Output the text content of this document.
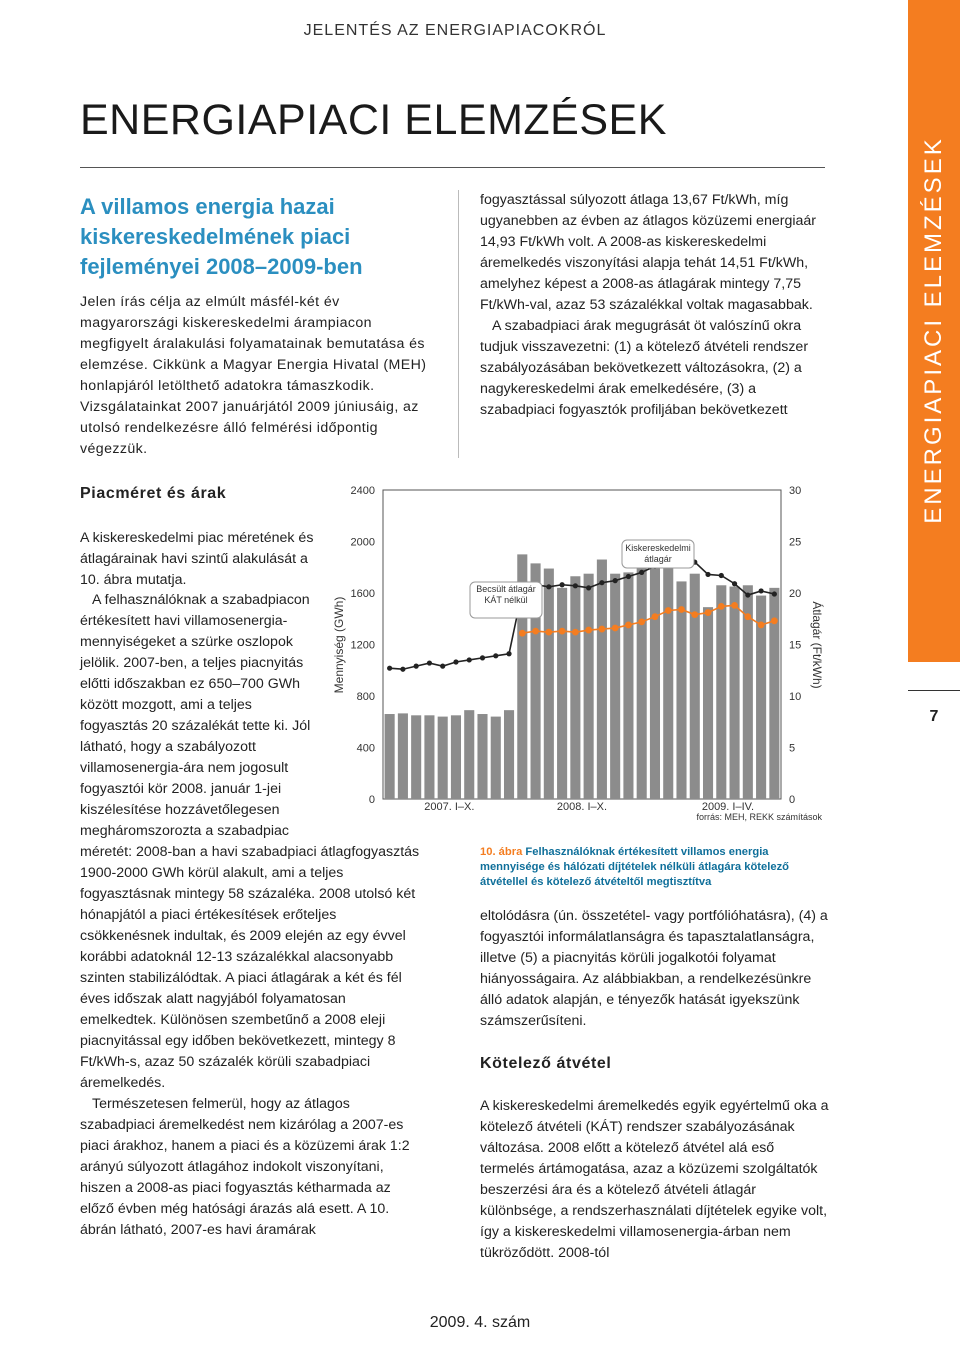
JELENTÉS AZ ENERGIAPIACOKRÓL
ENERGIAPIACI ELEMZÉSEK
ENERGIAPIACI ELEMZÉSEK
7
A villamos energia hazai kiskereskedelmének piaci fejleményei 2008–2009-ben
Jelen írás célja az elmúlt másfél-két év magyarországi kiskereskedelmi árampiacon megfigyelt áralakulási folyamatainak bemutatása és elemzése. Cikkünk a Magyar Energia Hivatal (MEH) honlapjáról letölthető adatokra támaszkodik. Vizsgálatainkat 2007 januárjától 2009 júniusáig, az utolsó rendelkezésre álló felmérési időpontig végezzük.
Piacméret és árak
A kiskereskedelmi piac méretének és átlagárainak havi szintű alakulását a 10. ábra mutatja.

A felhasználóknak a szabadpiacon értékesített havi villamosenergia-mennyiségeket a szürke oszlopok jelölik. 2007-ben, a teljes piacnyitás előtti időszakban ez 650–700 GWh között mozgott, ami a teljes fogyasztás 20 százalékát tette ki. Jól látható, hogy a szabályozott villamosenergia-ára nem jogosult fogyasztói kör 2008. január 1-jei kiszélesítése hozzávetőlegesen megháromszorozta a szabadpiac méretét: 2008-ban a havi szabadpiaci átlagfogyasztás 1900-2000 GWh körül alakult, ami a teljes fogyasztásnak mintegy 58 százaléka. 2008 utolsó két hónapjától a piaci értékesítések erőteljes csökkenésnek indultak, és 2009 elején az egy évvel korábbi adatoknál 12-13 százalékkal alacsonyabb szinten stabilizálódtak. A piaci átlagárak a két és fél éves időszak alatt nagyjából folyamatosan emelkedtek. Különösen szembetűnő a 2008 eleji piacnyitással egy időben bekövetkezett, mintegy 8 Ft/kWh-s, azaz 50 százalék körüli szabadpiaci áremelkedés.

Természetesen felmerül, hogy az átlagos szabadpiaci áremelkedést nem kizárólag a 2007-es piaci árakhoz, hanem a piaci és a közüzemi árak 1:2 arányú súlyozott átlagához indokolt viszonyítani, hiszen a 2008-as piaci fogyasztás kétharmada az előző évben még hatósági árazás alá esett. A 10. ábrán látható, 2007-es havi áramárak

fogyasztással súlyozott átlaga 13,67 Ft/kWh, míg ugyanebben az évben az átlagos közüzemi energiaár 14,93 Ft/kWh volt. A 2008-as kiskereskedelmi áremelkedés viszonyítási alapja tehát 14,51 Ft/kWh, amelyhez képest a 2008-as átlagárak mintegy 7,75 Ft/kWh-val, azaz 53 százalékkal voltak magasabbak.

A szabadpiaci árak megugrását öt valószínű okra tudjuk visszavezetni: (1) a kötelező átvételi rendszer szabályozásában bekövetkezett változásokra, (2) a nagykereskedelmi árak emelkedésére, (3) a szabadpiaci fogyasztók profiljában bekövetkezett

0
400
800
1200
1600
2000
2400
0
5
10
15
20
25
30
2007. I–X.	2008. I–X.	2009. I–IV.
Mennyiség (GWh)	Átlagár (Ft/kWh)
Becsült átlagár KÁT nélkül
Kiskereskedelmi átlagár
forrás: MEH, REKK számítások
10. ábra Felhasználóknak értékesített villamos energia mennyisége és hálózati díjtételek nélküli átlagára kötelező átvétellel és kötelező átvételtől megtisztítva

eltolódásra (ún. összetétel- vagy portfólióhatásra), (4) a fogyasztói informálatlanságra és tapasztalatlanságra, illetve (5) a piacnyitás körüli jogalkotói folyamat hiányosságaira. Az alábbiakban, a rendelkezésünkre álló adatok alapján, e tényezők hatását igyekszünk számszerűsíteni.

Kötelező átvétel

A kiskereskedelmi áremelkedés egyik egyértelmű oka a kötelező átvételi (KÁT) rendszer szabályozásának változása. 2008 előtt a kötelező átvétel alá eső termelés ártámogatása, azaz a közüzemi szolgáltatók beszerzési ára és a kötelező átvételi átlagár különbsége, a rendszerhasználati díjtételek egyike volt, így a kiskereskedelmi villamosenergia-árban nem tükröződött. 2008-tól

2009. 4. szám
